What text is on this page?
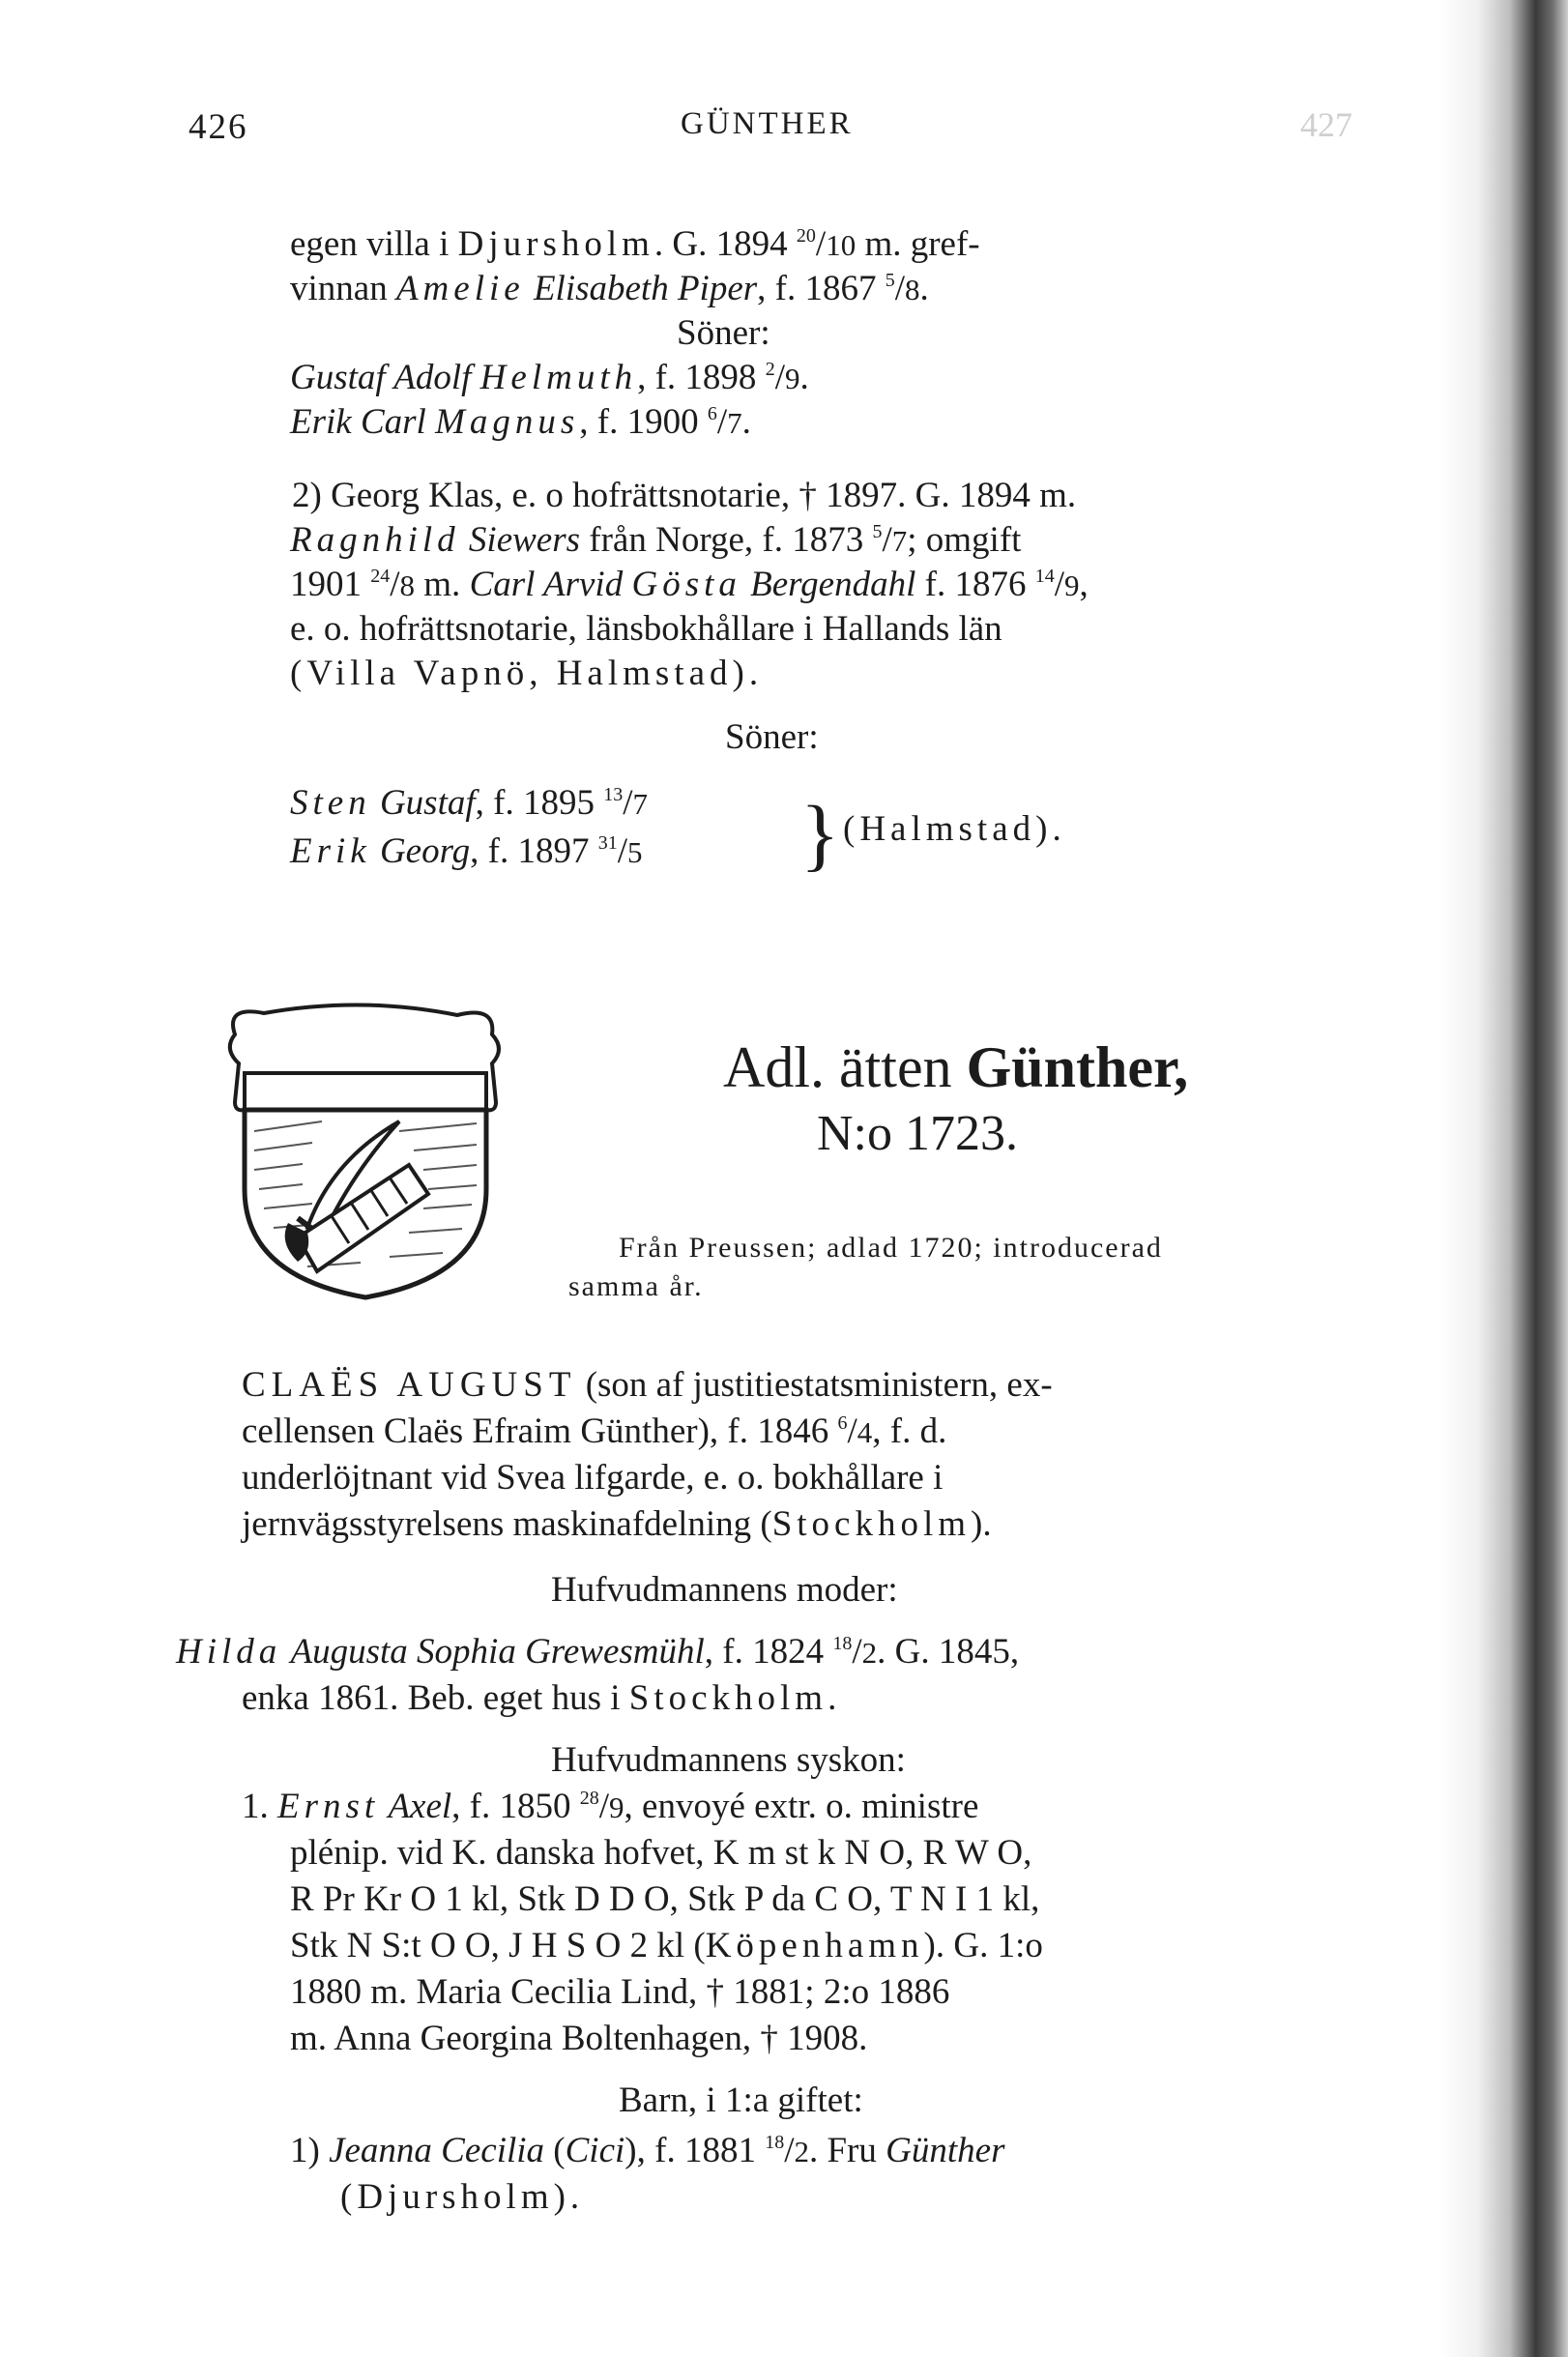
427
426	GÜNTHER
egen villa i Djursholm. G. 1894 $^{20}$/10 m. gref-
vinnan Amelie Elisabeth Piper, f. 1867 $^5$/8.
Söner:
Gustaf Adolf Helmuth, f. 1898 $^2$/9.
Erik Carl Magnus, f. 1900 $^6$/7.
2) Georg Klas, e. o hofrättsnotarie, † 1897. G. 1894 m.
Ragnhild Siewers från Norge, f. 1873 $^5$/7; omgift
1901 $^{24}$/8 m. Carl Arvid Gösta Bergendahl f. 1876 $^{14}$/9,
e. o. hofrättsnotarie, länsbokhållare i Hallands län
(Villa Vapnö, Halmstad).
Söner:
Sten Gustaf, f. 1895 $^{13}$/7
Erik Georg, f. 1897 $^{31}$/5 } (Halmstad).
Adl. ätten Günther,
N:o 1723.
Från Preussen; adlad 1720; introducerad
samma år.
CLAËS AUGUST (son af justitiestatsministern, ex-
cellensen Claës Efraim Günther), f. 1846 $^6$/4, f. d.
underlöjtnant vid Svea lifgarde, e. o. bokhållare i
jernvägsstyrelsens maskinafdelning (Stockholm).
Hufvudmannens moder:
Hilda Augusta Sophia Grewesmühl, f. 1824 $^{18}$/2. G. 1845,
enka 1861. Beb. eget hus i Stockholm.
Hufvudmannens syskon:
1. Ernst Axel, f. 1850 $^{28}$/9, envoyé extr. o. ministre
plénip. vid K. danska hofvet, K m st k N O, R W O,
R Pr Kr O 1 kl, Stk D D O, Stk P da C O, T N I 1 kl,
Stk N S:t O O, J H S O 2 kl (Köpenhamn). G. 1:o
1880 m. Maria Cecilia Lind, † 1881; 2:o 1886
m. Anna Georgina Boltenhagen, † 1908.
Barn, i 1:a giftet:
1) Jeanna Cecilia (Cici), f. 1881 $^{18}$/2. Fru Günther
(Djursholm).
